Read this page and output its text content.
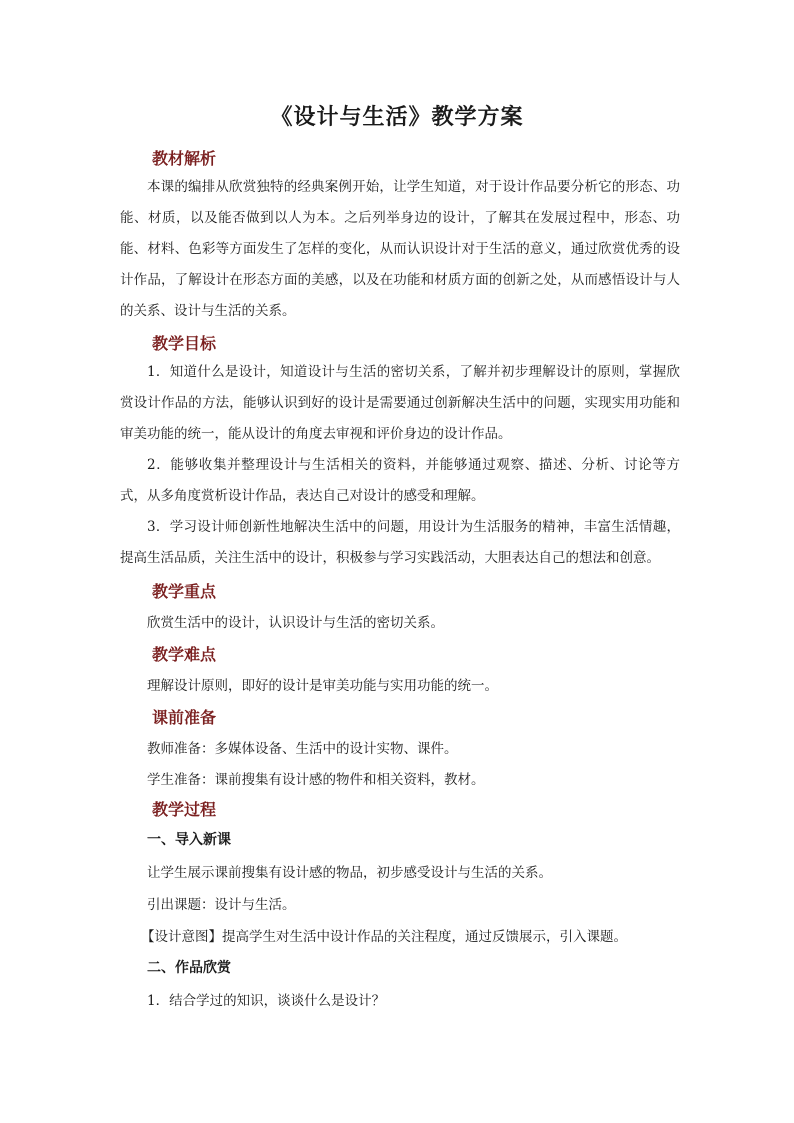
《设计与生活》教学方案
教材解析
本课的编排从欣赏独特的经典案例开始，让学生知道，对于设计作品要分析它的形态、功能、材质，以及能否做到以人为本。之后列举身边的设计，了解其在发展过程中，形态、功能、材料、色彩等方面发生了怎样的变化，从而认识设计对于生活的意义，通过欣赏优秀的设计作品，了解设计在形态方面的美感，以及在功能和材质方面的创新之处，从而感悟设计与人的关系、设计与生活的关系。
教学目标
1．知道什么是设计，知道设计与生活的密切关系，了解并初步理解设计的原则，掌握欣赏设计作品的方法，能够认识到好的设计是需要通过创新解决生活中的问题，实现实用功能和审美功能的统一，能从设计的角度去审视和评价身边的设计作品。
2．能够收集并整理设计与生活相关的资料，并能够通过观察、描述、分析、讨论等方式，从多角度赏析设计作品，表达自己对设计的感受和理解。
3．学习设计师创新性地解决生活中的问题，用设计为生活服务的精神，丰富生活情趣，提高生活品质，关注生活中的设计，积极参与学习实践活动，大胆表达自己的想法和创意。
教学重点
欣赏生活中的设计，认识设计与生活的密切关系。
教学难点
理解设计原则，即好的设计是审美功能与实用功能的统一。
课前准备
教师准备：多媒体设备、生活中的设计实物、课件。
学生准备：课前搜集有设计感的物件和相关资料，教材。
教学过程
一、导入新课
让学生展示课前搜集有设计感的物品，初步感受设计与生活的关系。
引出课题：设计与生活。
【设计意图】提高学生对生活中设计作品的关注程度，通过反馈展示，引入课题。
二、作品欣赏
1．结合学过的知识，谈谈什么是设计？
